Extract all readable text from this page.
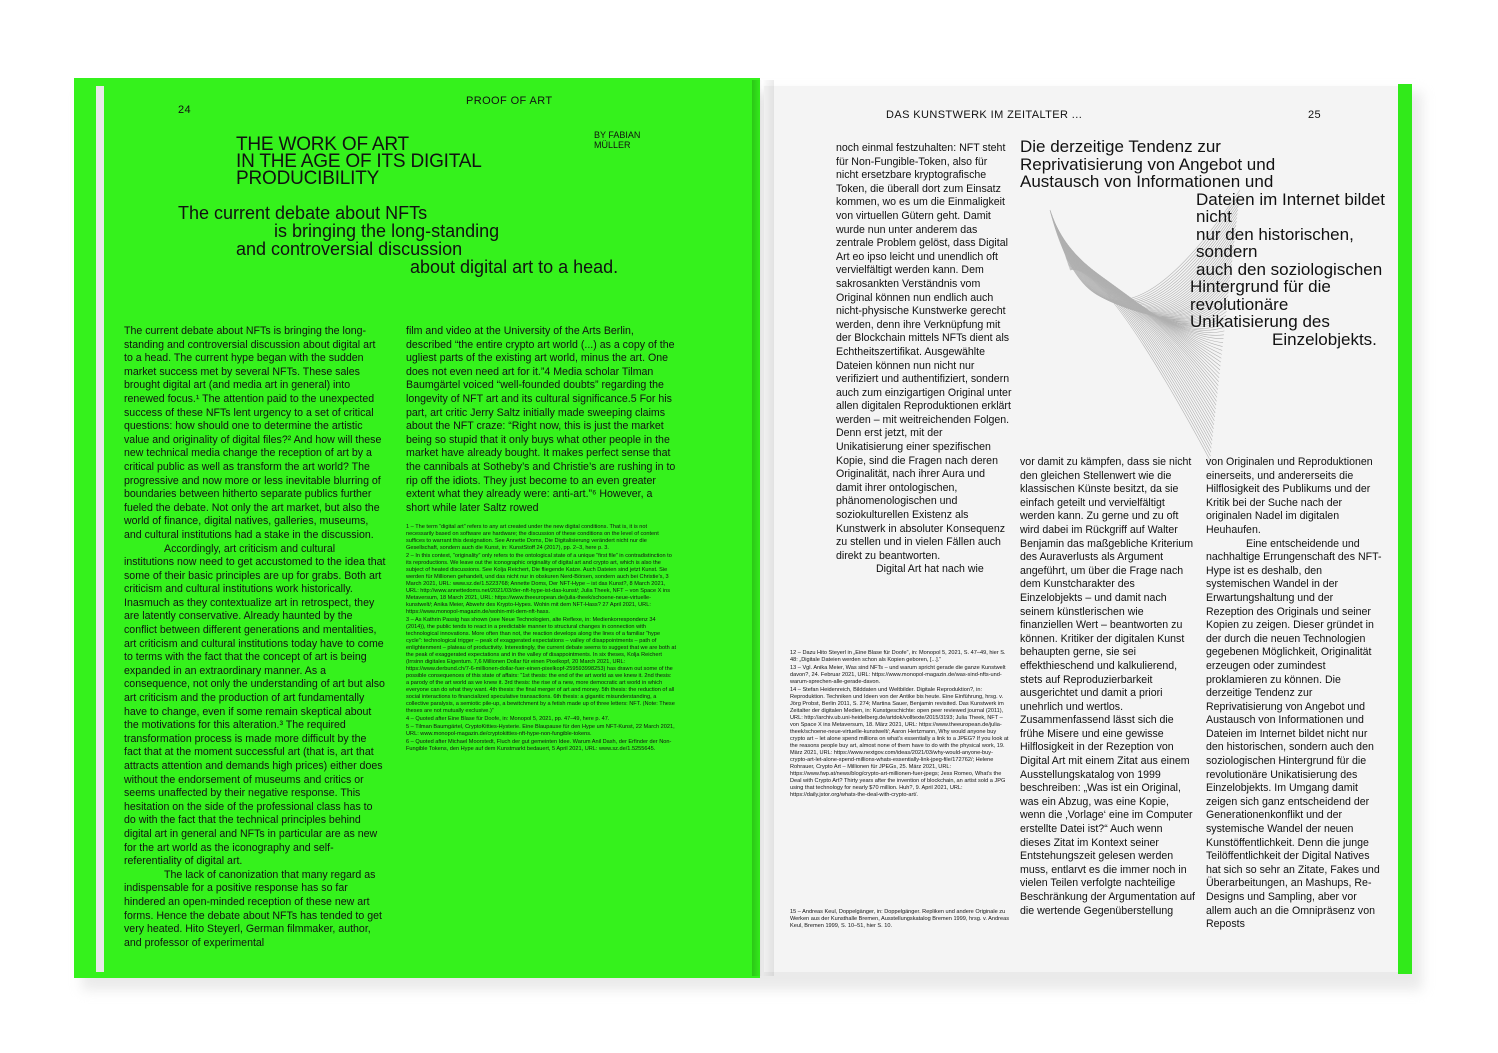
24
PROOF OF ART
THE WORK OF ART
IN THE AGE OF ITS DIGITAL
PRODUCIBILITY
BY FABIAN MÜLLER
The current debate about NFTs
is bringing the long-standing
and controversial discussion
about digital art to a head.

The current debate about NFTs is bringing the long-standing and controversial discussion about digital art to a head. The current hype began with the sudden market success met by several NFTs. These sales brought digital art (and media art in general) into renewed focus.¹ The attention paid to the unexpected success of these NFTs lent urgency to a set of critical questions: how should one to determine the artistic value and originality of digital files?² And how will these new technical media change the reception of art by a critical public as well as transform the art world? The progressive and now more or less inevitable blurring of boundaries between hitherto separate publics further fueled the debate. Not only the art market, but also the world of finance, digital natives, galleries, museums, and cultural institutions had a stake in the discussion.

Accordingly, art criticism and cultural institutions now need to get accustomed to the idea that some of their basic principles are up for grabs. Both art criticism and cultural institutions work historically. Inasmuch as they contextualize art in retrospect, they are latently conservative. Already haunted by the conflict between different generations and mentalities, art criticism and cultural institutions today have to come to terms with the fact that the concept of art is being expanded in an extraordinary manner. As a consequence, not only the understanding of art but also art criticism and the production of art fundamentally have to change, even if some remain skeptical about the motivations for this alteration.³ The required transformation process is made more difficult by the fact that at the moment successful art (that is, art that attracts attention and demands high prices) either does without the endorsement of museums and critics or seems unaffected by their negative response. This hesitation on the side of the professional class has to do with the fact that the technical principles behind digital art in general and NFTs in particular are as new for the art world as the iconography and self-referentiality of digital art.

The lack of canonization that many regard as indispensable for a positive response has so far hindered an open-minded reception of these new art forms. Hence the debate about NFTs has tended to get very heated. Hito Steyerl, German filmmaker, author, and professor of experimental

film and video at the University of the Arts Berlin, described “the entire crypto art world (...) as a copy of the ugliest parts of the existing art world, minus the art. One does not even need art for it.”4 Media scholar Tilman Baumgärtel voiced “well-founded doubts” regarding the longevity of NFT art and its cultural significance.5 For his part, art critic Jerry Saltz initially made sweeping claims about the NFT craze: “Right now, this is just the market being so stupid that it only buys what other people in the market have already bought. It makes perfect sense that the cannibals at Sotheby’s and Christie’s are rushing in to rip off the idiots. They just become to an even greater extent what they already were: anti-art.”⁶ However, a short while later Saltz rowed

1 – The term “digital art” refers to any art created under the new digital conditions. That is, it is not necessarily based on software are hardware; the discussion of these conditions on the level of content suffices to warrant this designation. See Annette Doms, Die Digitalisierung verändert nicht nur die Gesellschaft, sondern auch die Kunst, in: KunstStoff 24 (2017), pp. 2–3, here p. 3.

2 – In this context, “originality” only refers to the ontological state of a unique “first file” in contradistinction to its reproductions. We leave out the iconographic originality of digital art and crypto art, which is also the subject of heated discussions. See Kolja Reichert, Die fliegende Katze. Auch Dateien sind jetzt Kunst. Sie werden für Millionen gehandelt, und das nicht nur in obskuren Nerd-Börsen, sondern auch bei Christie’s, 3 March 2021, URL: www.sz.de/1.5223768; Annette Doms, Der NFT-Hype – ist das Kunst?, 8 March 2021, URL: http://www.annettedoms.net/2021/03/der-nft-hype-ist-das-kunst/; Julia Theek, NFT – von Space X ins Metaversum, 18 March 2021, URL: https://www.theeuropean.de/julia-theek/schoene-neue-virtuelle-kunstwelt/; Anika Meier, Abwehr des Krypto-Hypes. Wohin mit dem NFT-Hass? 27 April 2021, URL: https://www.monopol-magazin.de/wohin-mit-dem-nft-hass.

3 – As Kathrin Passig has shown (see Neue Technologien, alte Reflexe, in: Medienkorrespondenz 34 (2014)), the public tends to react in a predictable manner to structural changes in connection with technological innovations. More often than not, the reaction develops along the lines of a familiar “hype cycle”: technological trigger – peak of exaggerated expectations – valley of disappointments – path of enlightenment – plateau of productivity. Interestingly, the current debate seems to suggest that we are both at the peak of exaggerated expectations and in the valley of disappointments. In six theses, Kolja Reichert (Irrsinn digitales Eigentum. 7,6 Millionen Dollar für einen Pixelkopf, 20 March 2021, URL: https://www.derbund.ch/7-6-millionen-dollar-fuer-einen-pixelkopf-259593998253) has drawn out some of the possible consequences of this state of affairs: “1st thesis: the end of the art world as we knew it. 2nd thesis: a parody of the art world as we knew it. 3rd thesis: the rise of a new, more democratic art world in which everyone can do what they want. 4th thesis: the final merger of art and money. 5th thesis: the reduction of all social interactions to financialized speculative transactions. 6th thesis: a gigantic misunderstanding, a collective paralysis, a semiotic pile-up, a bewitchment by a fetish made up of three letters: NFT. (Note: These theses are not mutually exclusive.)”

4 – Quoted after Eine Blase für Doofe, in: Monopol 5, 2021, pp. 47–49, here p. 47.

5 – Tilman Baumgärtel, CryptoKitties-Hysterie. Eine Blaupause für den Hype um NFT-Kunst, 22 March 2021, URL: www.monopol-magazin.de/cryptokitties-nft-hype-non-fungible-tokens.

6 – Quoted after Michael Moorstedt, Fluch der gut gemeinten Idee. Warum Anil Dash, der Erfinder der Non-Fungible Tokens, den Hype auf dem Kunstmarkt bedauert, 5 April 2021, URL: www.sz.de/1.5255645.

DAS KUNSTWERK IM ZEITALTER ...	25
Die derzeitige Tendenz zur
Reprivatisierung von Angebot und
Austausch von Informationen und
Dateien im Internet bildet nicht
nur den historischen, sondern
auch den soziologischen
Hintergrund für die
revolutionäre
Unikatisierung des
Einzelobjekts.

noch einmal festzuhalten: NFT steht für Non-Fungible-Token, also für nicht ersetzbare kryptografische Token, die überall dort zum Einsatz kommen, wo es um die Einmaligkeit von virtuellen Gütern geht. Damit wurde nun unter anderem das zentrale Problem gelöst, dass Digital Art eo ipso leicht und unendlich oft vervielfältigt werden kann. Dem sakrosankten Verständnis vom Original können nun endlich auch nicht-physische Kunstwerke gerecht werden, denn ihre Verknüpfung mit der Blockchain mittels NFTs dient als Echtheitszertifikat. Ausgewählte Dateien können nun nicht nur verifiziert und authentifiziert, sondern auch zum einzigartigen Original unter allen digitalen Reproduktionen erklärt werden – mit weitreichenden Folgen. Denn erst jetzt, mit der Unikatisierung einer spezifischen Kopie, sind die Fragen nach deren Originalität, nach ihrer Aura und damit ihrer ontologischen, phänomenologischen und soziokulturellen Existenz als Kunstwerk in absoluter Konsequenz zu stellen und in vielen Fällen auch direkt zu beantworten.

Digital Art hat nach wie

12 – Dazu Hito Steyerl in „Eine Blase für Doofe“, in: Monopol 5, 2021, S. 47–49, hier S. 48: „Digitale Dateien werden schon als Kopien geboren, [...].“

13 – Vgl. Anika Meier, Was sind NFTs – und warum spricht gerade die ganze Kunstwelt davon?, 24. Februar 2021, URL: https://www.monopol-magazin.de/was-sind-nfts-und-warum-sprechen-alle-gerade-davon.

14 – Stefan Heidenreich, Bilddaten und Weltbilder. Digitale Reproduktion?, in: Reproduktion. Techniken und Ideen von der Antike bis heute. Eine Einführung, hrsg. v. Jörg Probst, Berlin 2011, S. 274; Martina Sauer, Benjamin revisited. Das Kunstwerk im Zeitalter der digitalen Medien, in: Kunstgeschichte: open peer reviewed journal (2011), URL: http://archiv.ub.uni-heidelberg.de/artdok/volltexte/2015/3193; Julia Theek, NFT – von Space X ins Metaversum, 18. März 2021, URL: https://www.theeuropean.de/julia-theek/schoene-neue-virtuelle-kunstwelt/; Aaron Hertzmann, Why would anyone buy crypto art – let alone spend millions on what’s essentially a link to a JPEG? If you look at the reasons people buy art, almost none of them have to do with the physical work, 19. März 2021, URL: https://www.nextgov.com/ideas/2021/03/why-would-anyone-buy-crypto-art-let-alone-spend-millions-whats-essentially-link-jpeg-file/172762/; Helene Rohrauer, Crypto Art – Millionen für JPEGs, 25. März 2021, URL: https://www.fwp.at/news/blog/crypto-art-millionen-fuer-jpegs; Jess Romeo, What’s the Deal with Crypto Art? Thirty years after the invention of blockchain, an artist sold a JPG using that technology for nearly $70 million. Huh?, 9. April 2021, URL: https://daily.jstor.org/whats-the-deal-with-crypto-art/.

15 – Andreas Keul, Doppelgänger, in: Doppelgänger. Repliken und andere Originale zu Werken aus der Kunsthalle Bremen, Ausstellungskatalog Bremen 1999, hrsg. v. Andreas Keul, Bremen 1999, S. 10–51, hier S. 10.

vor damit zu kämpfen, dass sie nicht den gleichen Stellenwert wie die klassischen Künste besitzt, da sie einfach geteilt und vervielfältigt werden kann. Zu gerne und zu oft wird dabei im Rückgriff auf Walter Benjamin das maßgebliche Kriterium des Auraverlusts als Argument angeführt, um über die Frage nach dem Kunstcharakter des Einzelobjekts – und damit nach seinem künstlerischen wie finanziellen Wert – beantworten zu können. Kritiker der digitalen Kunst behaupten gerne, sie sei effekthieschend und kalkulierend, stets auf Reproduzierbarkeit ausgerichtet und damit a priori unehrlich und wertlos. Zusammenfassend lässt sich die frühe Misere und eine gewisse Hilflosigkeit in der Rezeption von Digital Art mit einem Zitat aus einem Ausstellungskatalog von 1999 beschreiben: „Was ist ein Original, was ein Abzug, was eine Kopie, wenn die ‚Vorlage‘ eine im Computer erstellte Datei ist?“ Auch wenn dieses Zitat im Kontext seiner Entstehungszeit gelesen werden muss, entlarvt es die immer noch in vielen Teilen verfolgte nachteilige Beschränkung der Argumentation auf die wertende Gegenüberstellung

von Originalen und Reproduktionen einerseits, und andererseits die Hilflosigkeit des Publikums und der Kritik bei der Suche nach der originalen Nadel im digitalen Heuhaufen.

Eine entscheidende und nachhaltige Errungenschaft des NFT-Hype ist es deshalb, den systemischen Wandel in der Erwartungshaltung und der Rezeption des Originals und seiner Kopien zu zeigen. Dieser gründet in der durch die neuen Technologien gegebenen Möglichkeit, Originalität erzeugen oder zumindest proklamieren zu können. Die derzeitige Tendenz zur Reprivatisierung von Angebot und Austausch von Informationen und Dateien im Internet bildet nicht nur den historischen, sondern auch den soziologischen Hintergrund für die revolutionäre Unikatisierung des Einzelobjekts. Im Umgang damit zeigen sich ganz entscheidend der Generationenkonflikt und der systemische Wandel der neuen Kunstöffentlichkeit. Denn die junge Teilöffentlichkeit der Digital Natives hat sich so sehr an Zitate, Fakes und Überarbeitungen, an Mashups, Re-Designs und Sampling, aber vor allem auch an die Omnipräsenz von Reposts
